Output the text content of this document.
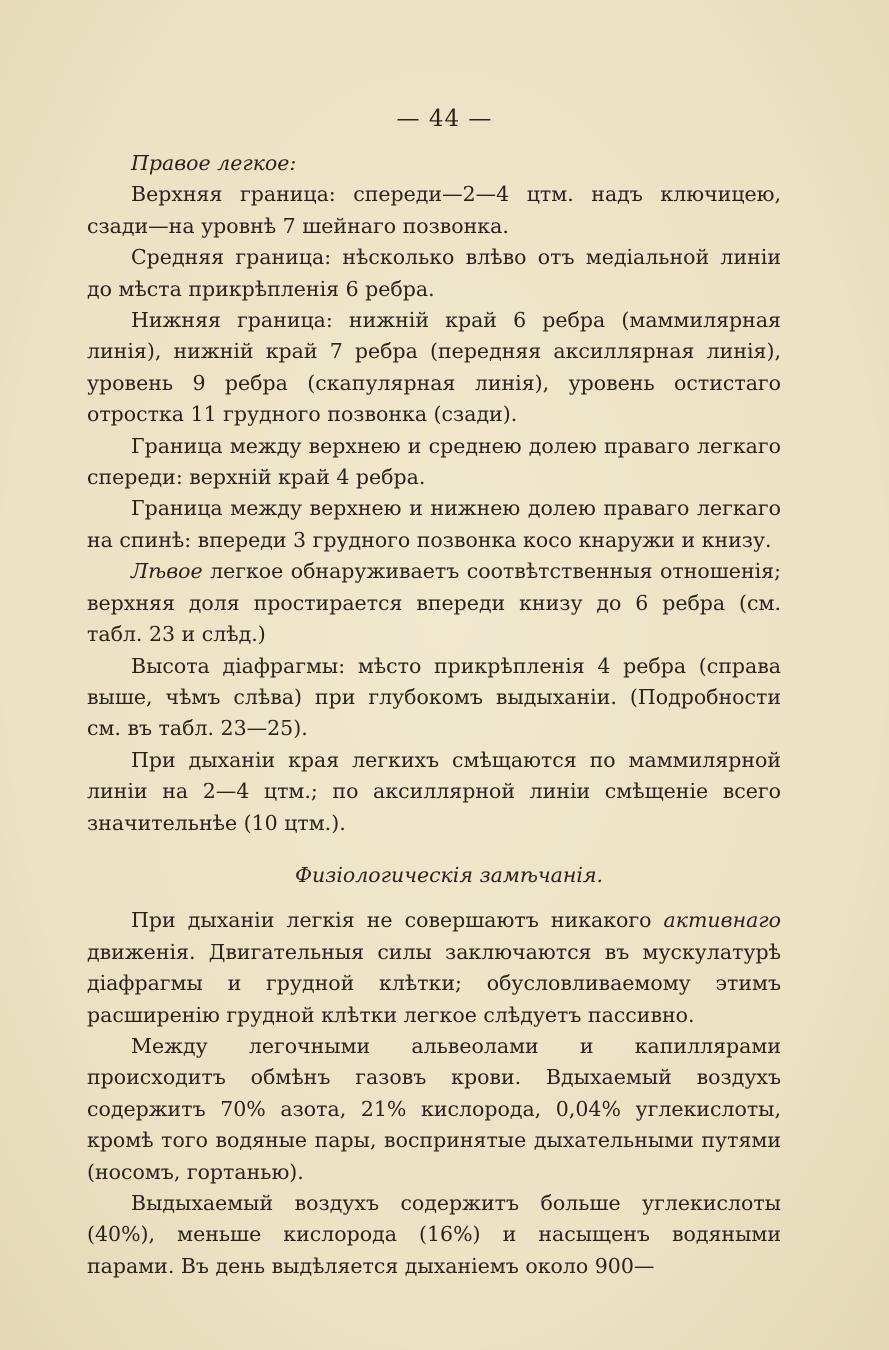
— 44 —

Правое легкое:

Верхняя граница: спереди—2—4 цтм. надъ ключицею, сзади—на уровнѣ 7 шейнаго позвонка.

Средняя граница: нѣсколько влѣво отъ медіальной линіи до мѣста прикрѣпленія 6 ребра.

Нижняя граница: нижній край 6 ребра (маммилярная линія), нижній край 7 ребра (передняя аксиллярная линія), уровень 9 ребра (скапулярная линія), уровень остистаго отростка 11 грудного позвонка (сзади).

Граница между верхнею и среднею долею праваго легкаго спереди: верхній край 4 ребра.

Граница между верхнею и нижнею долею праваго легкаго на спинѣ: впереди 3 грудного позвонка косо кнаружи и книзу.

Лѣвое легкое обнаруживаетъ соотвѣтственныя отношенія; верхняя доля простирается впереди книзу до 6 ребра (см. табл. 23 и слѣд.)

Высота діафрагмы: мѣсто прикрѣпленія 4 ребра (справа выше, чѣмъ слѣва) при глубокомъ выдыханіи. (Подробности см. въ табл. 23—25).

При дыханіи края легкихъ смѣщаются по маммилярной линіи на 2—4 цтм.; по аксиллярной линіи смѣщеніе всего значительнѣе (10 цтм.).

Физіологическія замѣчанія.

При дыханіи легкія не совершаютъ никакого активнаго движенія. Двигательныя силы заключаются въ мускулатурѣ діафрагмы и грудной клѣтки; обусловливаемому этимъ расширенію грудной клѣтки легкое слѣдуетъ пассивно.

Между легочными альвеолами и капиллярами происходитъ обмѣнъ газовъ крови. Вдыхаемый воздухъ содержитъ 70% азота, 21% кислорода, 0,04% углекислоты, кромѣ того водяные пары, воспринятые дыхательными путями (носомъ, гортанью).

Выдыхаемый воздухъ содержитъ больше углекислоты (40%), меньше кислорода (16%) и насыщенъ водяными парами. Въ день выдѣляется дыханіемъ около 900—
